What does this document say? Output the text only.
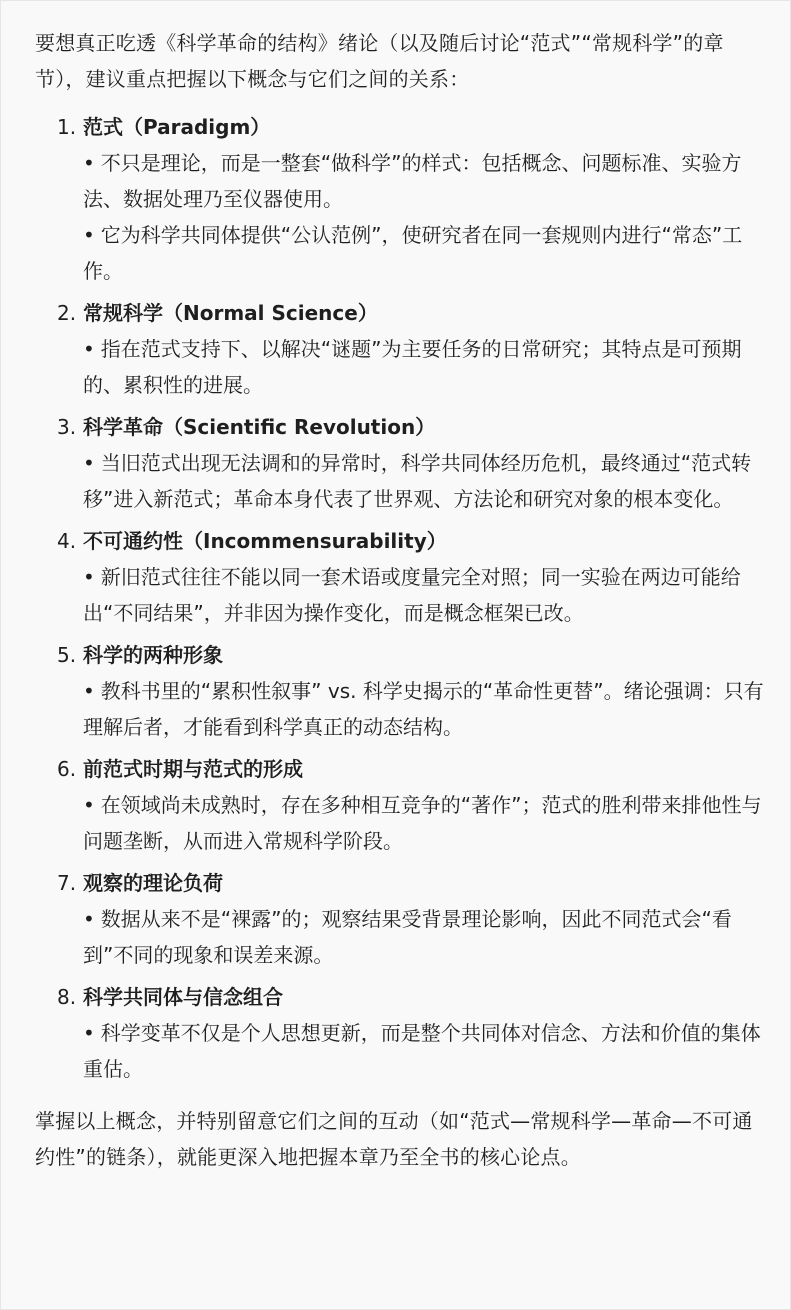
要想真正吃透《科学革命的结构》绪论（以及随后讨论“范式”“常规科学”的章节），建议重点把握以下概念与它们之间的关系：

1. 范式（Paradigm）
• 不只是理论，而是一整套“做科学”的样式：包括概念、问题标准、实验方法、数据处理乃至仪器使用。
• 它为科学共同体提供“公认范例”，使研究者在同一套规则内进行“常态”工作。
2. 常规科学（Normal Science）
• 指在范式支持下、以解决“谜题”为主要任务的日常研究；其特点是可预期的、累积性的进展。
3. 科学革命（Scientific Revolution）
• 当旧范式出现无法调和的异常时，科学共同体经历危机，最终通过“范式转移”进入新范式；革命本身代表了世界观、方法论和研究对象的根本变化。
4. 不可通约性（Incommensurability）
• 新旧范式往往不能以同一套术语或度量完全对照；同一实验在两边可能给出“不同结果”，并非因为操作变化，而是概念框架已改。
5. 科学的两种形象
• 教科书里的“累积性叙事” vs. 科学史揭示的“革命性更替”。绪论强调：只有理解后者，才能看到科学真正的动态结构。
6. 前范式时期与范式的形成
• 在领域尚未成熟时，存在多种相互竞争的“著作”；范式的胜利带来排他性与问题垄断，从而进入常规科学阶段。
7. 观察的理论负荷
• 数据从来不是“裸露”的；观察结果受背景理论影响，因此不同范式会“看到”不同的现象和误差来源。
8. 科学共同体与信念组合
• 科学变革不仅是个人思想更新，而是整个共同体对信念、方法和价值的集体重估。

掌握以上概念，并特别留意它们之间的互动（如“范式—常规科学—革命—不可通约性”的链条），就能更深入地把握本章乃至全书的核心论点。
